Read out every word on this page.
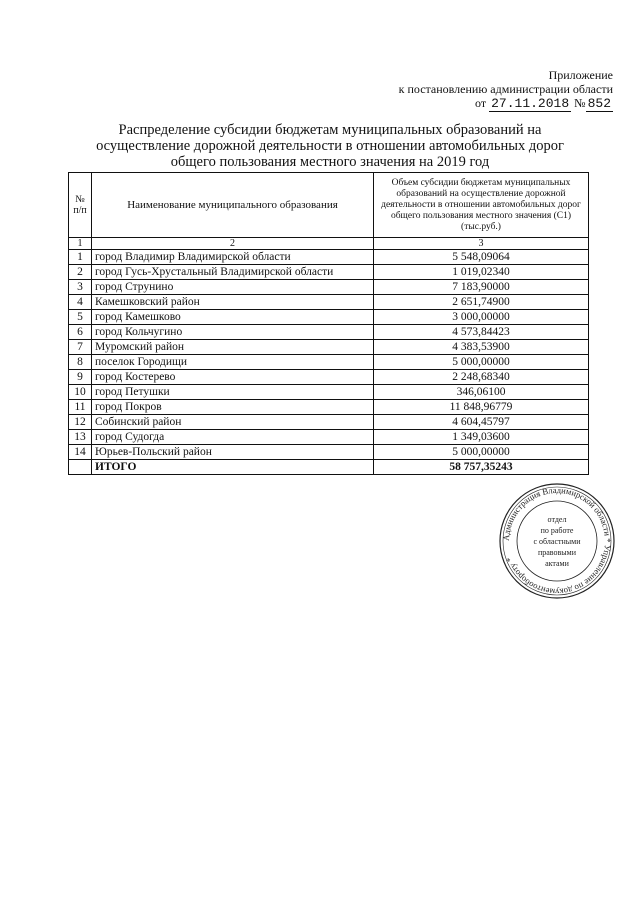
Приложение
к постановлению администрации области
от 27.11.2018 № 852
Распределение субсидии бюджетам муниципальных образований на
осуществление дорожной деятельности в отношении автомобильных дорог
общего пользования местного значения на 2019 год
№ п/п	Наименование муниципального образования	Объем субсидии бюджетам муниципальных образований на осуществление дорожной деятельности в отношении автомобильных дорог общего пользования местного значения (С1) (тыс.руб.)
1	2	3
1	город Владимир Владимирской области	5 548,09064
2	город Гусь-Хрустальный Владимирской области	1 019,02340
3	город Струнино	7 183,90000
4	Камешковский район	2 651,74900
5	город Камешково	3 000,00000
6	город Кольчугино	4 573,84423
7	Муромский район	4 383,53900
8	поселок Городищи	5 000,00000
9	город Костерево	2 248,68340
10	город Петушки	346,06100
11	город Покров	11 848,96779
12	Собинский район	4 604,45797
13	город Судогда	1 349,03600
14	Юрьев-Польский район	5 000,00000
	ИТОГО	58 757,35243
Администрация Владимирской области * Управление по документообороту *
отдел
по работе
с областными
правовыми
актами
